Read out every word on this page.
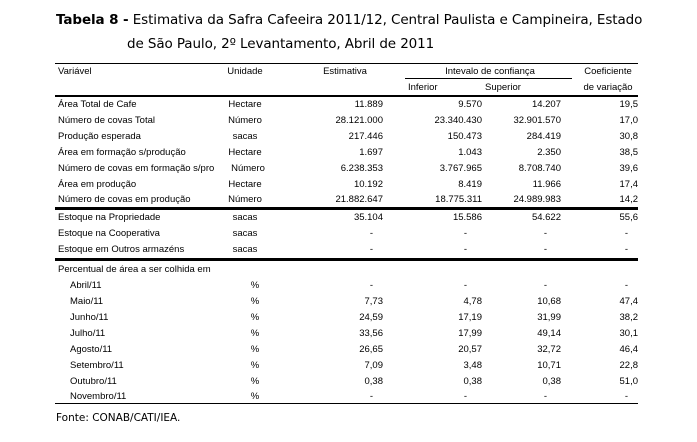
Tabela 8 - Estimativa da Safra Cafeeira 2011/12, Central Paulista e Campineira, Estado
de São Paulo, 2º Levantamento, Abril de 2011
Variável	Unidade	Estimativa	Intevalo de confiança	Coeficiente
Inferior	Superior	de variação
Área Total de Cafe	Hectare	11.889	9.570	14.207	19,5
Número de covas Total	Número	28.121.000	23.340.430	32.901.570	17,0
Produção esperada	sacas	217.446	150.473	284.419	30,8
Área em formação s/produção	Hectare	1.697	1.043	2.350	38,5
Número de covas em formação s/pro	Número	6.238.353	3.767.965	8.708.740	39,6
Área em produção	Hectare	10.192	8.419	11.966	17,4
Número de covas em produção	Número	21.882.647	18.775.311	24.989.983	14,2
Estoque na Propriedade	sacas	35.104	15.586	54.622	55,6
Estoque na Cooperativa	sacas	-	-	-	-
Estoque em Outros armazéns	sacas	-	-	-	-
Percentual de área a ser colhida em
Abril/11	%	-	-	-	-
Maio/11	%	7,73	4,78	10,68	47,4
Junho/11	%	24,59	17,19	31,99	38,2
Julho/11	%	33,56	17,99	49,14	30,1
Agosto/11	%	26,65	20,57	32,72	46,4
Setembro/11	%	7,09	3,48	10,71	22,8
Outubro/11	%	0,38	0,38	0,38	51,0
Novembro/11	%	-	-	-	-
Fonte: CONAB/CATI/IEA.
